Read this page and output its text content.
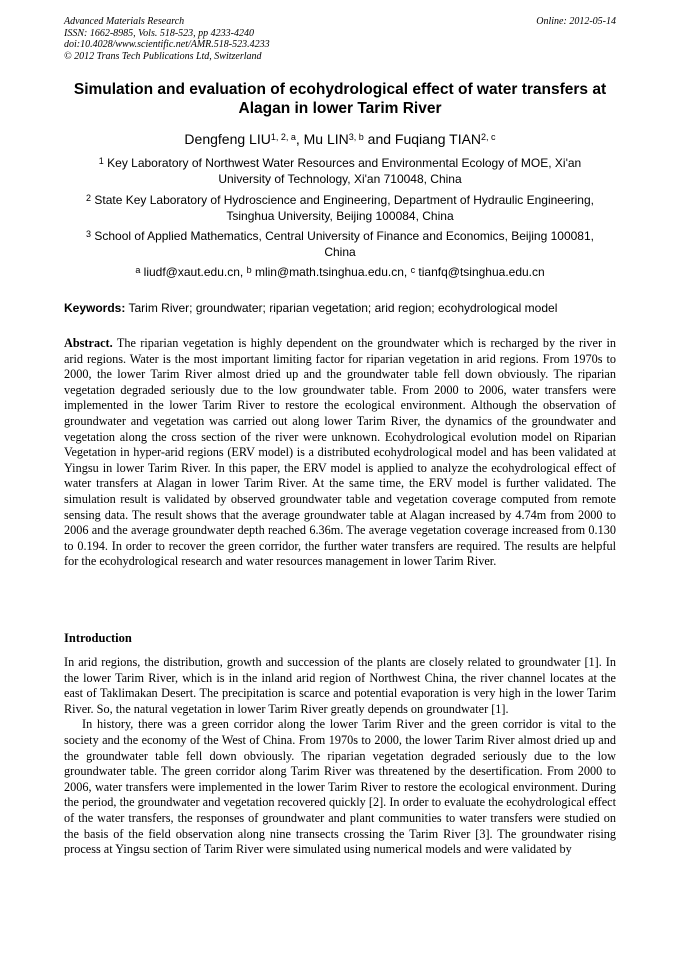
Advanced Materials Research
ISSN: 1662-8985, Vols. 518-523, pp 4233-4240
doi:10.4028/www.scientific.net/AMR.518-523.4233
© 2012 Trans Tech Publications Ltd, Switzerland
Online: 2012-05-14
Simulation and evaluation of ecohydrological effect of water transfers at Alagan in lower Tarim River
Dengfeng LIU$^{1, 2, a}$, Mu LIN$^{3, b}$ and Fuqiang TIAN$^{2, c}$
$^1$ Key Laboratory of Northwest Water Resources and Environmental Ecology of MOE, Xi'an University of Technology, Xi'an 710048, China
$^2$ State Key Laboratory of Hydroscience and Engineering, Department of Hydraulic Engineering, Tsinghua University, Beijing 100084, China
$^3$ School of Applied Mathematics, Central University of Finance and Economics, Beijing 100081, China
$^a$ liudf@xaut.edu.cn, $^b$ mlin@math.tsinghua.edu.cn, $^c$ tianfq@tsinghua.edu.cn
Keywords: Tarim River; groundwater; riparian vegetation; arid region; ecohydrological model

Abstract. The riparian vegetation is highly dependent on the groundwater which is recharged by the river in arid regions. Water is the most important limiting factor for riparian vegetation in arid regions. From 1970s to 2000, the lower Tarim River almost dried up and the groundwater table fell down obviously. The riparian vegetation degraded seriously due to the low groundwater table. From 2000 to 2006, water transfers were implemented in the lower Tarim River to restore the ecological environment. Although the observation of groundwater and vegetation was carried out along lower Tarim River, the dynamics of the groundwater and vegetation along the cross section of the river were unknown. Ecohydrological evolution model on Riparian Vegetation in hyper-arid regions (ERV model) is a distributed ecohydrological model and has been validated at Yingsu in lower Tarim River. In this paper, the ERV model is applied to analyze the ecohydrological effect of water transfers at Alagan in lower Tarim River. At the same time, the ERV model is further validated. The simulation result is validated by observed groundwater table and vegetation coverage computed from remote sensing data. The result shows that the average groundwater table at Alagan increased by 4.74m from 2000 to 2006 and the average groundwater depth reached 6.36m. The average vegetation coverage increased from 0.130 to 0.194. In order to recover the green corridor, the further water transfers are required. The results are helpful for the ecohydrological research and water resources management in lower Tarim River.

Introduction

In arid regions, the distribution, growth and succession of the plants are closely related to groundwater [1]. In the lower Tarim River, which is in the inland arid region of Northwest China, the river channel locates at the east of Taklimakan Desert. The precipitation is scarce and potential evaporation is very high in the lower Tarim River. So, the natural vegetation in lower Tarim River greatly depends on groundwater [1].

In history, there was a green corridor along the lower Tarim River and the green corridor is vital to the society and the economy of the West of China. From 1970s to 2000, the lower Tarim River almost dried up and the groundwater table fell down obviously. The riparian vegetation degraded seriously due to the low groundwater table. The green corridor along Tarim River was threatened by the desertification. From 2000 to 2006, water transfers were implemented in the lower Tarim River to restore the ecological environment. During the period, the groundwater and vegetation recovered quickly [2]. In order to evaluate the ecohydrological effect of the water transfers, the responses of groundwater and plant communities to water transfers were studied on the basis of the field observation along nine transects crossing the Tarim River [3]. The groundwater rising process at Yingsu section of Tarim River were simulated using numerical models and were validated by
